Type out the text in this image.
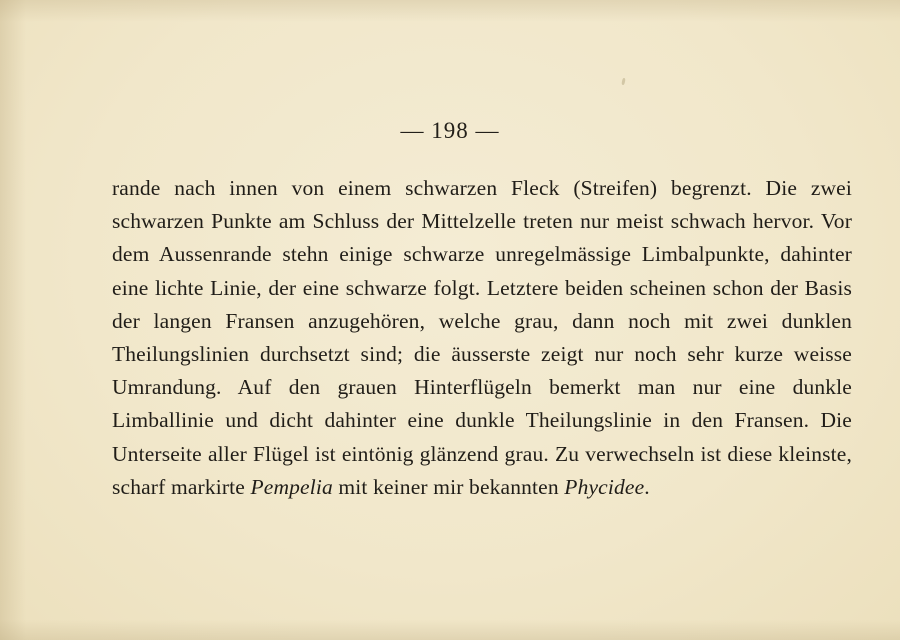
— 198 —

rande nach innen von einem schwarzen Fleck (Streifen) begrenzt. Die zwei schwarzen Punkte am Schluss der Mittelzelle treten nur meist schwach hervor. Vor dem Aussenrande stehn einige schwarze unregelmässige Limbalpunkte, dahinter eine lichte Linie, der eine schwarze folgt. Letztere beiden scheinen schon der Basis der langen Fransen anzugehören, welche grau, dann noch mit zwei dunklen Theilungslinien durchsetzt sind; die äusserste zeigt nur noch sehr kurze weisse Umrandung. Auf den grauen Hinterflügeln bemerkt man nur eine dunkle Limballinie und dicht dahinter eine dunkle Theilungslinie in den Fransen. Die Unterseite aller Flügel ist eintönig glänzend grau. Zu verwechseln ist diese kleinste, scharf markirte Pempelia mit keiner mir bekannten Phycidee.
